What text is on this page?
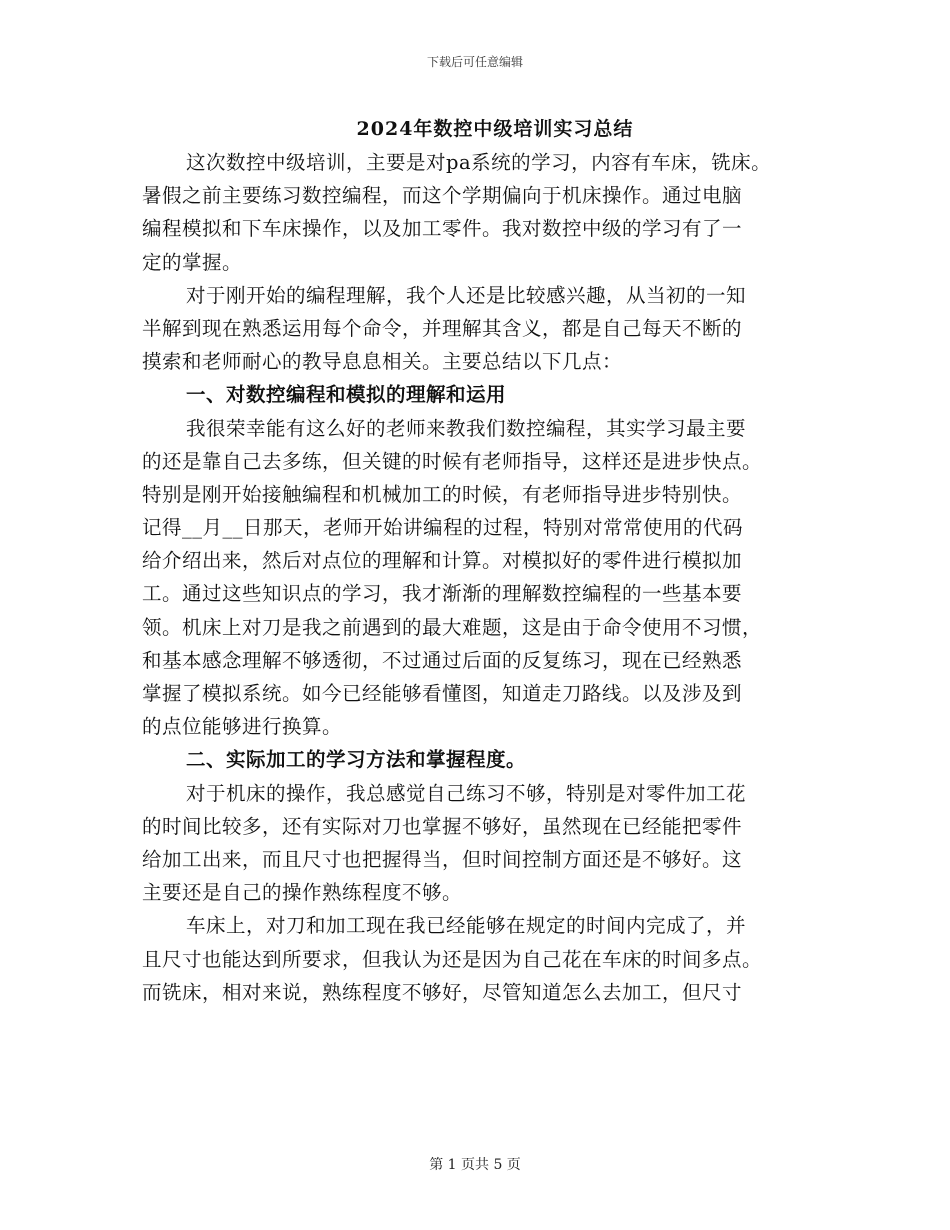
下载后可任意编辑
2024年数控中级培训实习总结
这次数控中级培训，主要是对pa系统的学习，内容有车床，铣床。
暑假之前主要练习数控编程，而这个学期偏向于机床操作。通过电脑
编程模拟和下车床操作，以及加工零件。我对数控中级的学习有了一
定的掌握。
对于刚开始的编程理解，我个人还是比较感兴趣，从当初的一知
半解到现在熟悉运用每个命令，并理解其含义，都是自己每天不断的
摸索和老师耐心的教导息息相关。主要总结以下几点：
一、对数控编程和模拟的理解和运用
我很荣幸能有这么好的老师来教我们数控编程，其实学习最主要
的还是靠自己去多练，但关键的时候有老师指导，这样还是进步快点。
特别是刚开始接触编程和机械加工的时候，有老师指导进步特别快。
记得__月__日那天，老师开始讲编程的过程，特别对常常使用的代码
给介绍出来，然后对点位的理解和计算。对模拟好的零件进行模拟加
工。通过这些知识点的学习，我才渐渐的理解数控编程的一些基本要
领。机床上对刀是我之前遇到的最大难题，这是由于命令使用不习惯，
和基本感念理解不够透彻，不过通过后面的反复练习，现在已经熟悉
掌握了模拟系统。如今已经能够看懂图，知道走刀路线。以及涉及到
的点位能够进行换算。
二、实际加工的学习方法和掌握程度。
对于机床的操作，我总感觉自己练习不够，特别是对零件加工花
的时间比较多，还有实际对刀也掌握不够好，虽然现在已经能把零件
给加工出来，而且尺寸也把握得当，但时间控制方面还是不够好。这
主要还是自己的操作熟练程度不够。
车床上，对刀和加工现在我已经能够在规定的时间内完成了，并
且尺寸也能达到所要求，但我认为还是因为自己花在车床的时间多点。
而铣床，相对来说，熟练程度不够好，尽管知道怎么去加工，但尺寸
第 1 页共 5 页
